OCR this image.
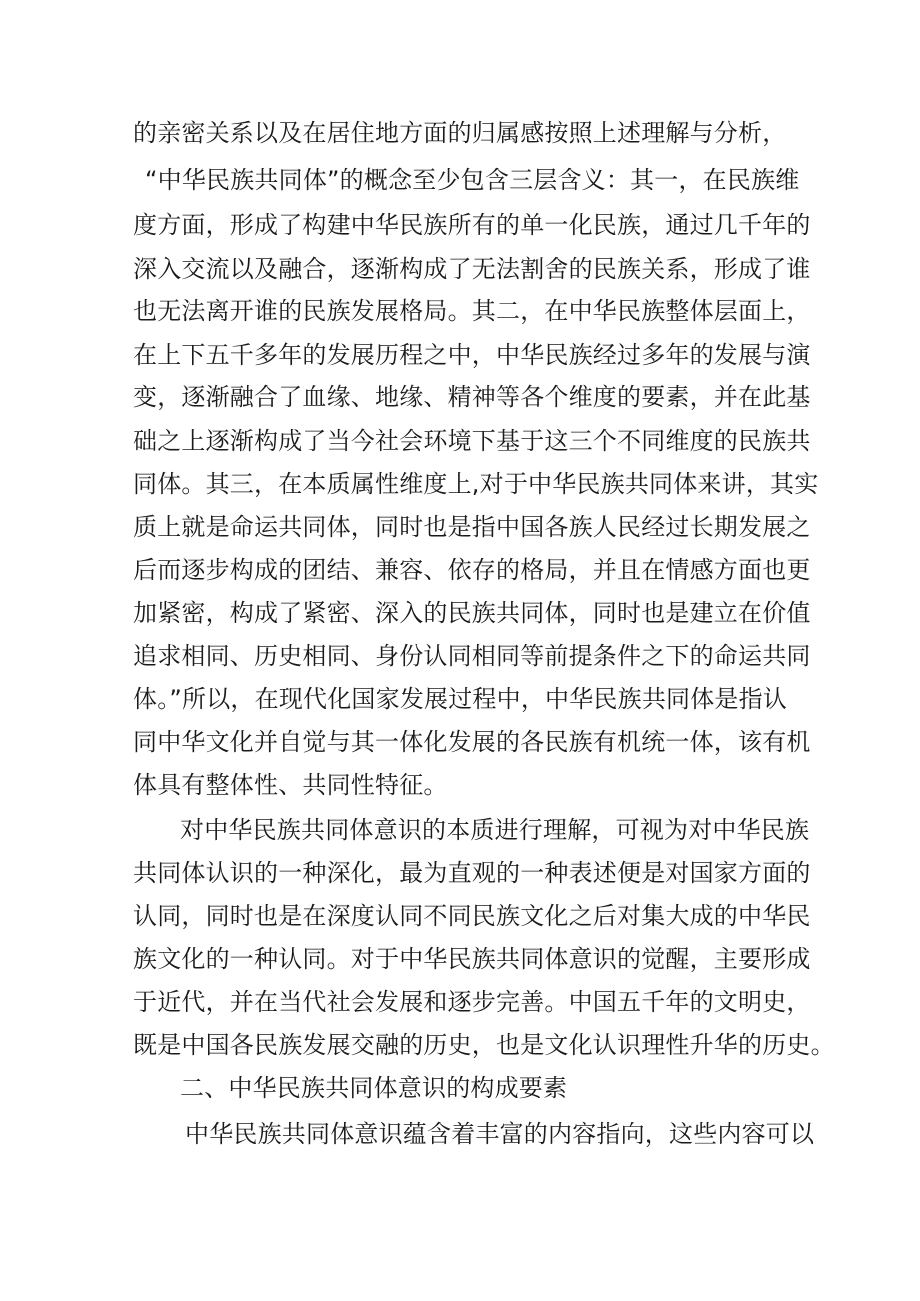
的亲密关系以及在居住地方面的归属感按照上述理解与分析，
“中华民族共同体”的概念至少包含三层含义：其一，在民族维
度方面，形成了构建中华民族所有的单一化民族，通过几千年的
深入交流以及融合，逐渐构成了无法割舍的民族关系，形成了谁
也无法离开谁的民族发展格局。其二，在中华民族整体层面上，
在上下五千多年的发展历程之中，中华民族经过多年的发展与演
变，逐渐融合了血缘、地缘、精神等各个维度的要素，并在此基
础之上逐渐构成了当今社会环境下基于这三个不同维度的民族共
同体。其三，在本质属性维度上,对于中华民族共同体来讲，其实
质上就是命运共同体，同时也是指中国各族人民经过长期发展之
后而逐步构成的团结、兼容、依存的格局，并且在情感方面也更
加紧密，构成了紧密、深入的民族共同体，同时也是建立在价值
追求相同、历史相同、身份认同相同等前提条件之下的命运共同
体。”所以，在现代化国家发展过程中，中华民族共同体是指认
同中华文化并自觉与其一体化发展的各民族有机统一体，该有机
体具有整体性、共同性特征。
对中华民族共同体意识的本质进行理解，可视为对中华民族
共同体认识的一种深化，最为直观的一种表述便是对国家方面的
认同，同时也是在深度认同不同民族文化之后对集大成的中华民
族文化的一种认同。对于中华民族共同体意识的觉醒，主要形成
于近代，并在当代社会发展和逐步完善。中国五千年的文明史，
既是中国各民族发展交融的历史，也是文化认识理性升华的历史。
二、中华民族共同体意识的构成要素
中华民族共同体意识蕴含着丰富的内容指向，这些内容可以
